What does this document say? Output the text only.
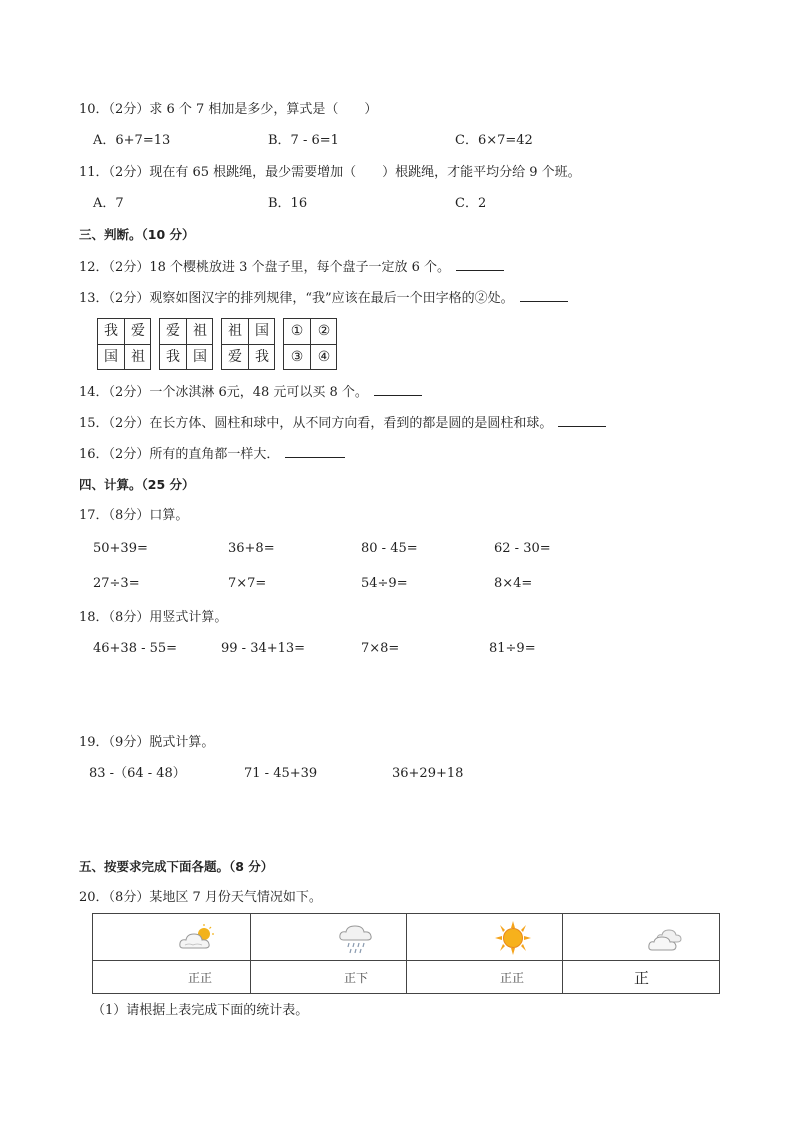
10．（2分）求 6 个 7 相加是多少，算式是（　　）
A．6+7=13	B．7 - 6=1	C．6×7=42
11．（2分）现在有 65 根跳绳，最少需要增加（　　）根跳绳，才能平均分给 9 个班。
A．7	B．16	C．2
三、判断。（10 分）
12．（2分）18 个樱桃放进 3 个盘子里，每个盘子一定放 6 个。
13．（2分）观察如图汉字的排列规律，“我”应该在最后一个田字格的②处。
我 爱
国 祖
爱 祖
我 国
祖 国
爱 我
①	②
③	④
14．（2分）一个冰淇淋 6元，48 元可以买 8 个。
15．（2分）在长方体、圆柱和球中，从不同方向看，看到的都是圆的是圆柱和球。
16．（2分）所有的直角都一样大．
四、计算。（25 分）
17．（8分）口算。
50+39=	36+8=	80 - 45=	62 - 30=
27÷3=	7×7=	54÷9=	8×4=
18．（8分）用竖式计算。
46+38 - 55=	99 - 34+13=	7×8=	81÷9=
19．（9分）脱式计算。
83 -（64 - 48）	71 - 45+39	36+29+18
五、按要求完成下面各题。（8 分）
20．（8分）某地区 7 月份天气情况如下。
正正	正下	正正	正
（1）请根据上表完成下面的统计表。
